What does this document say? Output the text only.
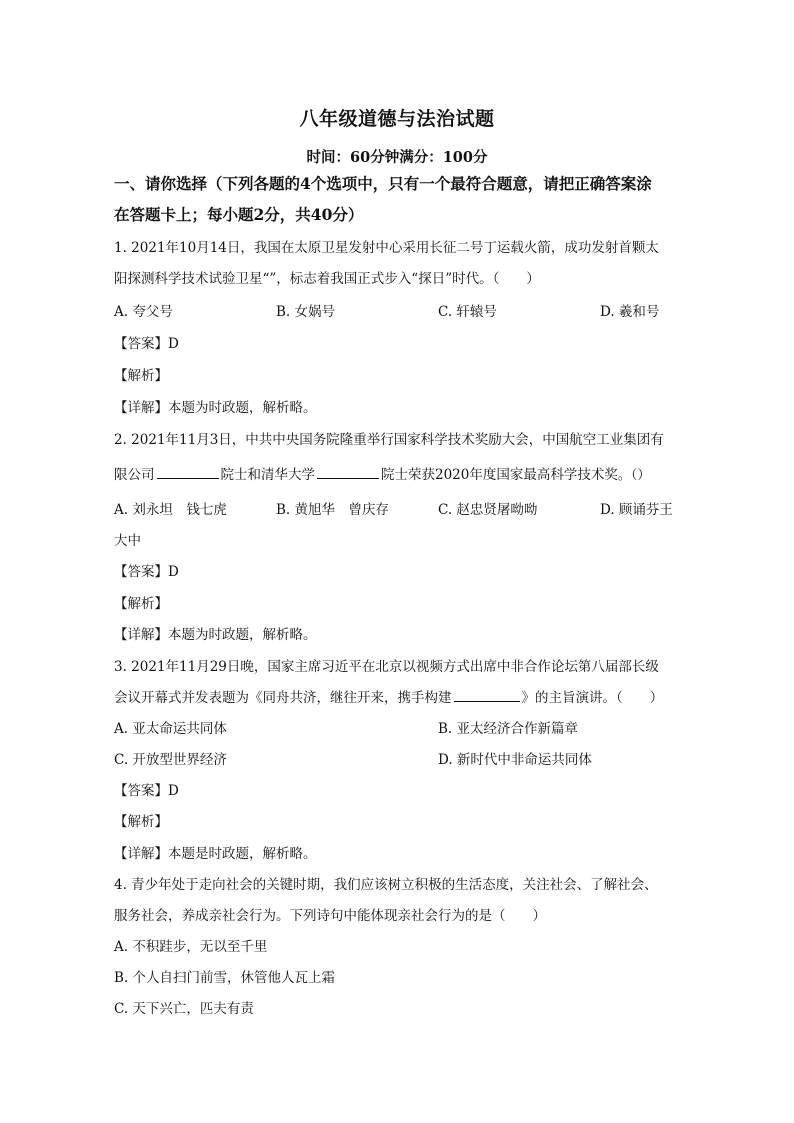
八年级道德与法治试题
时间：60分钟满分：100分
一、请你选择（下列各题的4个选项中，只有一个最符合题意，请把正确答案涂
在答题卡上；每小题2分，共40分）
1. 2021年10月14日，我国在太原卫星发射中心采用长征二号丁运载火箭，成功发射首颗太
阳探测科学技术试验卫星“”，标志着我国正式步入“探日”时代。（　　）
A. 夸父号	B. 女娲号	C. 轩辕号	D. 羲和号
【答案】D
【解析】
【详解】本题为时政题，解析略。
2. 2021年11月3日，中共中央国务院隆重举行国家科学技术奖励大会，中国航空工业集团有
限公司	院士和清华大学	院士荣获2020年度国家最高科学技术奖。（）
A. 刘永坦　钱七虎	B. 黄旭华　曾庆存	C. 赵忠贤屠呦呦	D. 顾诵芬王
大中
【答案】D
【解析】
【详解】本题为时政题，解析略。
3. 2021年11月29日晚，国家主席习近平在北京以视频方式出席中非合作论坛第八届部长级
会议开幕式并发表题为《同舟共济，继往开来，携手构建	》的主旨演讲。（　　）
A. 亚太命运共同体	B. 亚太经济合作新篇章
C. 开放型世界经济	D. 新时代中非命运共同体
【答案】D
【解析】
【详解】本题是时政题，解析略。
4. 青少年处于走向社会的关键时期，我们应该树立积极的生活态度，关注社会、了解社会、
服务社会，养成亲社会行为。下列诗句中能体现亲社会行为的是（　　）
A. 不积跬步，无以至千里
B. 个人自扫门前雪，休管他人瓦上霜
C. 天下兴亡，匹夫有责
